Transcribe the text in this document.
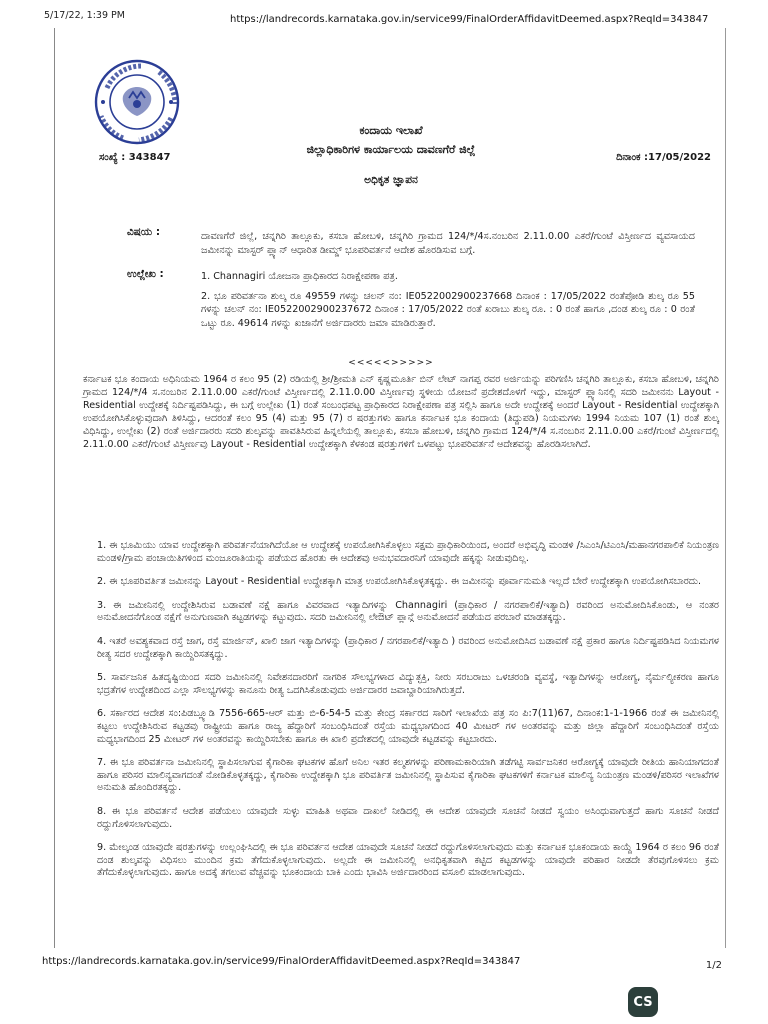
5/17/22, 1:39 PM	https://landrecords.karnataka.gov.in/service99/FinalOrderAffidavitDeemed.aspx?ReqId=343847
ಕಂದಾಯ ಇಲಾಖೆ
ಜಿಲ್ಲಾಧಿಕಾರಿಗಳ ಕಾರ್ಯಾಲಯ ದಾವಣಗೆರೆ ಜಿಲ್ಲೆ
ಸಂಖ್ಯೆ : 343847	ದಿನಾಂಕ :17/05/2022
ಅಧಿಕೃತ ಜ್ಞಾಪನ
ವಿಷಯ :	ದಾವಣಗೆರೆ ಜಿಲ್ಲೆ, ಚನ್ನಗಿರಿ ತಾಲ್ಲೂಕು, ಕಸಬಾ ಹೋಬಳಿ, ಚನ್ನಗಿರಿ ಗ್ರಾಮದ 124/*/4ಸ.ನಂಬರಿನ 2.11.0.00 ಎಕರೆ/ಗುಂಟೆ ವಿಸ್ತೀರ್ಣದ ವ್ಯವಸಾಯದ ಜಮೀನನ್ನು ಮಾಸ್ಟರ್ ಪ್ಲ್ಯಾನ್ ಆಧಾರಿತ ಡೀಮ್ಡ್ ಭೂಪರಿವರ್ತನೆ ಆದೇಶ ಹೊರಡಿಸುವ ಬಗ್ಗೆ.
ಉಲ್ಲೇಖ :	1. Channagiri ಯೋಜನಾ ಪ್ರಾಧಿಕಾರದ ನಿರಾಕ್ಷೇಪಣಾ ಪತ್ರ.
2. ಭೂ ಪರಿವರ್ತನಾ ಶುಲ್ಕ ರೂ 49559 ಗಳನ್ನು ಚಲನ್ ನಂ: IE0522002900237668 ದಿನಾಂಕ : 17/05/2022 ರಂತೆಪೋಡಿ ಶುಲ್ಕ ರೂ 55 ಗಳನ್ನು ಚಲನ್ ನಂ: IE0522002900237672 ದಿನಾಂಕ : 17/05/2022 ರಂತೆ ಖರಾಬು ಶುಲ್ಕ ರೂ. : 0 ರಂತೆ ಹಾಗೂ ,ದಂಡ ಶುಲ್ಕ ರೂ : 0 ರಂತೆ ಒಟ್ಟು ರೂ. 49614 ಗಳನ್ನು ಖಜಾನೆಗೆ ಅರ್ಜಿದಾರರು ಜಮಾ ಮಾಡಿರುತ್ತಾರೆ.
<<<<<>>>>>
ಕರ್ನಾಟಕ ಭೂ ಕಂದಾಯ ಅಧಿನಿಯಮ 1964 ರ ಕಲಂ 95 (2) ರಡಿಯಲ್ಲಿ ಶ್ರೀ/ಶ್ರೀಮತಿ ಎನ್ ಕೃಷ್ಣಮೂರ್ತಿ ಬಿನ್ ಲೇಟ್ ನಾಗಪ್ಪ ರವರ ಅರ್ಜಿಯನ್ನು ಪರಿಗಣಿಸಿ ಚನ್ನಗಿರಿ ತಾಲ್ಲೂಕು, ಕಸಬಾ ಹೋಬಳಿ, ಚನ್ನಗಿರಿ ಗ್ರಾಮದ 124/*/4 ಸ.ನಂಬರಿನ 2.11.0.00 ಎಕರೆ/ಗುಂಟೆ ವಿಸ್ತೀರ್ಣದಲ್ಲಿ 2.11.0.00 ವಿಸ್ತೀರ್ಣವು ಸ್ಥಳೀಯ ಯೋಜನೆ ಪ್ರದೇಶದೊಳಗೆ ಇದ್ದು, ಮಾಸ್ಟರ್ ಪ್ಲ್ಯಾನಿನಲ್ಲಿ ಸದರಿ ಜಮೀನನು Layout - Residential ಉದ್ದೇಶಕ್ಕೆ ನಿರ್ದಿಷ್ಟಪಡಿಸಿದ್ದು, ಈ ಬಗ್ಗೆ ಉಲ್ಲೇಖ (1) ರಂತೆ ಸಂಬಂಧಪಟ್ಟ ಪ್ರಾಧಿಕಾರದ ನಿರಾಕ್ಷೇಪಣಾ ಪತ್ರ ಸಲ್ಲಿಸಿ ಹಾಗೂ ಅದೇ ಉದ್ದೇಶಕ್ಕೆ ಅಂದರೆ Layout - Residential ಉದ್ದೇಶಕ್ಕಾಗಿ ಉಪಯೋಗಿಸಿಕೊಳ್ಳುವುದಾಗಿ ತಿಳಿಸಿದ್ದು, ಆದರಂತೆ ಕಲಂ 95 (4) ಮತ್ತು 95 (7) ರ ಷರತ್ತುಗಳು ಹಾಗೂ ಕರ್ನಾಟಕ ಭೂ ಕಂದಾಯ (ತಿದ್ದುಪಡಿ) ನಿಯಮಗಳು 1994 ನಿಯಮ 107 (1) ರಂತೆ ಶುಲ್ಕ ವಿಧಿಸಿದ್ದು, ಉಲ್ಲೇಖ (2) ರಂತೆ ಅರ್ಜಿದಾರರು ಸದರಿ ಶುಲ್ಕವನ್ನು ಪಾವತಿಸಿರುವ ಹಿನ್ನಲೆಯಲ್ಲಿ ತಾಲ್ಲೂಕು, ಕಸಬಾ ಹೋಬಳಿ, ಚನ್ನಗಿರಿ ಗ್ರಾಮದ 124/*/4 ಸ.ನಂಬರಿನ 2.11.0.00 ಎಕರೆ/ಗುಂಟೆ ವಿಸ್ತೀರ್ಣದಲ್ಲಿ 2.11.0.00 ಎಕರೆ/ಗುಂಟೆ ವಿಸ್ತೀರ್ಣವು Layout - Residential ಉದ್ದೇಶಕ್ಕಾಗಿ ಕೆಳಕಂಡ ಷರತ್ತುಗಳಿಗೆ ಒಳಪಟ್ಟು ಭೂಪರಿವರ್ತನೆ ಆದೇಶವನ್ನು ಹೊರಡಿಸಲಾಗಿದೆ.

1. ಈ ಭೂಮಿಯು ಯಾವ ಉದ್ದೇಶಕ್ಕಾಗಿ ಪರಿವರ್ತನೆಯಾಗಿದೆಯೋ ಆ ಉದ್ದೇಶಕ್ಕೆ ಉಪಯೋಗಿಸಿಕೊಳ್ಳಲು ಸಕ್ಷಮ ಪ್ರಾಧಿಕಾರಿಯಿಂದ, ಅಂದರೆ ಅಭಿವೃದ್ಧಿ ಮಂಡಳಿ /ಸಿಎಂಸಿ/ಟಿಎಂಸಿ/ಮಹಾನಗರಪಾಲಿಕೆ ನಿಯಂತ್ರಣ ಮಂಡಳಿ/ಗ್ರಾಮ ಪಂಚಾಯಿತಿಗಳಿಂದ ಮಂಜೂರಾತಿಯನ್ನು ಪಡೆಯದ ಹೊರತು ಈ ಆದೇಶವು ಅನುಭವದಾರನಿಗೆ ಯಾವುದೇ ಹಕ್ಕನ್ನು ನೀಡುವುದಿಲ್ಲ.

2. ಈ ಭೂಪರಿವರ್ತಿತ ಜಮೀನನ್ನು Layout - Residential ಉದ್ದೇಶಕ್ಕಾಗಿ ಮಾತ್ರ ಉಪಯೋಗಿಸಿಕೊಳ್ಳತಕ್ಕದ್ದು. ಈ ಜಮೀನನ್ನು ಪೂರ್ವಾನುಮತಿ ಇಲ್ಲದೆ ಬೇರೆ ಉದ್ದೇಶಕ್ಕಾಗಿ ಉಪಯೋಗಿಸಬಾರದು.

3. ಈ ಜಮೀನಿನಲ್ಲಿ ಉದ್ದೇಶಿಸಿರುವ ಬಡಾವಣೆ ನಕ್ಷೆ ಹಾಗೂ ವಿವರವಾದ ಇತ್ಯಾದಿಗಳನ್ನು Channagiri (ಪ್ರಾಧಿಕಾರ / ನಗರಪಾಲಿಕೆ/ಇತ್ಯಾದಿ) ರವರಿಂದ ಅನುಮೋದಿಸಿಕೊಂಡು, ಆ ನಂತರ ಅನುಮೋದನೆಗೊಂಡ ನಕ್ಷೆಗೆ ಅನುಗುಣವಾಗಿ ಕಟ್ಟಡಗಳನ್ನು ಕಟ್ಟುವುದು. ಸದರಿ ಜಮೀನಿನಲ್ಲಿ ಲೇಔಟ್ ಪ್ಲಾನ್ಗೆ ಅನುಮೋದನೆ ಪಡೆಯದ ಪರಬಾರೆ ಮಾಡತಕ್ಕದ್ದು.

4. ಇತರೆ ಅವಶ್ಯಕವಾದ ರಸ್ತೆ ಜಾಗ, ರಸ್ತೆ ಮಾರ್ಜಿನ್, ಖಾಲಿ ಜಾಗ ಇತ್ಯಾದಿಗಳನ್ನು (ಪ್ರಾಧಿಕಾರ / ನಗರಪಾಲಿಕೆ/ಇತ್ಯಾದಿ ) ರವರಿಂದ ಅನುಮೋದಿಸಿದ ಬಡಾವಣೆ ನಕ್ಷೆ ಪ್ರಕಾರ ಹಾಗೂ ನಿರ್ದಿಷ್ಟಪಡಿಸಿದ ನಿಯಮಗಳ ರೀತ್ಯ ಸದರ ಉದ್ದೇಶಕ್ಕಾಗಿ ಕಾಯ್ದಿರಿಸತಕ್ಕದ್ದು.

5. ಸಾರ್ವಜನಿಕ ಹಿತದೃಷ್ಟಿಯಿಂದ ಸದರಿ ಜಮೀನಿನಲ್ಲಿ ನಿವೇಶನದಾರರಿಗೆ ನಾಗರಿಕ ಸೌಲಭ್ಯಗಳಾದ ವಿದ್ಯುತ್ಛಕ್ತಿ, ನೀರು ಸರಬರಾಜು ಒಳಚರಂಡಿ ವ್ಯವಸ್ಥೆ, ಇತ್ಯಾದಿಗಳನ್ನು ಆರೋಗ್ಯ, ನೈರ್ಮಲ್ಯೀಕರಣ ಹಾಗೂ ಭದ್ರತೆಗಳ ಉದ್ದೇಶದಿಂದ ಎಲ್ಲಾ ಸೌಲಭ್ಯಗಳನ್ನು ಕಾನೂನು ರೀತ್ಯ ಒದಗಿಸಿಕೊಡುವುದು ಅರ್ಜಿದಾರರ ಜವಾಬ್ದಾರಿಯಾಗಿರುತ್ತದೆ.

6. ಸರ್ಕಾರದ ಆದೇಶ ಸಂ:ಪಿಡಬ್ಲ್ಯೂಡಿ 7556-665-ಆರ್ ಮತ್ತು ಬಿ-6-54-5 ಮತ್ತು ಕೇಂದ್ರ ಸರ್ಕಾರದ ಸಾರಿಗೆ ಇಲಾಖೆಯ ಪತ್ರ ಸಂ ಪಿ:7(11)67, ದಿನಾಂಕ:1-1-1966 ರಂತೆ ಈ ಜಮೀನಿನಲ್ಲಿ ಕಟ್ಟಲು ಉದ್ದೇಶಿಸಿರುವ ಕಟ್ಟಡವು ರಾಷ್ಟ್ರೀಯ ಹಾಗೂ ರಾಜ್ಯ ಹೆದ್ದಾರಿಗೆ ಸಂಬಂಧಿಸಿದಂತೆ ರಸ್ತೆಯ ಮಧ್ಯಭಾಗದಿಂದ 40 ಮೀಟರ್ ಗಳ ಅಂತರವನ್ನು ಮತ್ತು ಜಿಲ್ಲಾ ಹೆದ್ದಾರಿಗೆ ಸಂಬಂಧಿಸಿದಂತೆ ರಸ್ತೆಯ ಮಧ್ಯಭಾಗದಿಂದ 25 ಮೀಟರ್ ಗಳ ಅಂತರವನ್ನು ಕಾಯ್ದಿರಿಸಬೇಕು ಹಾಗೂ ಈ ಖಾಲಿ ಪ್ರದೇಶದಲ್ಲಿ ಯಾವುದೇ ಕಟ್ಟಡವನ್ನು ಕಟ್ಟಬಾರದು.

7. ಈ ಭೂ ಪರಿವರ್ತನಾ ಜಮೀನಿನಲ್ಲಿ ಸ್ಥಾಪಿಸಲಾಗುವ ಕೈಗಾರಿಕಾ ಘಟಕಗಳ ಹೊಗೆ ಅನಿಲ ಇತರ ಕಲ್ಮಶಗಳನ್ನು ಪರಿಣಾಮಕಾರಿಯಾಗಿ ತಡೆಗಟ್ಟಿ ಸಾರ್ವಜನಿಕರ ಆರೋಗ್ಯಕ್ಕೆ ಯಾವುದೇ ರೀತಿಯ ಹಾನಿಯಾಗದಂತೆ ಹಾಗೂ ಪರಿಸರ ಮಾಲಿನ್ಯವಾಗದಂತೆ ನೋಡಿಕೊಳ್ಳತಕ್ಕದ್ದು, ಕೈಗಾರಿಕಾ ಉದ್ದೇಶಕ್ಕಾಗಿ ಭೂ ಪರಿವರ್ತಿತ ಜಮೀನಿನಲ್ಲಿ ಸ್ಥಾಪಿಸುವ ಕೈಗಾರಿಕಾ ಘಟಕಗಳಿಗೆ ಕರ್ನಾಟಕ ಮಾಲಿನ್ಯ ನಿಯಂತ್ರಣ ಮಂಡಳಿ/ಪರಿಸರ ಇಲಾಖೆಗಳ ಅನುಮತಿ ಹೊಂದಿರತಕ್ಕದ್ದು.

8. ಈ ಭೂ ಪರಿವರ್ತನೆ ಆದೇಶ ಪಡೆಯಲು ಯಾವುದೇ ಸುಳ್ಳು ಮಾಹಿತಿ ಅಥವಾ ದಾಖಲೆ ನೀಡಿದಲ್ಲಿ ಈ ಆದೇಶ ಯಾವುದೇ ಸೂಚನೆ ನೀಡದೆ ಸ್ವಯಂ ಅಸಿಂಧುವಾಗುತ್ತದೆ ಹಾಗು ಸೂಚನೆ ನೀಡದೆ ರದ್ದುಗೊಳಿಸಲಾಗುವುದು.

9. ಮೇಲ್ಕಂಡ ಯಾವುದೇ ಷರತ್ತುಗಳನ್ನು ಉಲ್ಲಂಘಿಸಿದಲ್ಲಿ ಈ ಭೂ ಪರಿವರ್ತನ ಆದೇಶ ಯಾವುದೇ ಸೂಚನೆ ನೀಡದೆ ರದ್ದುಗೊಳಿಸಲಾಗುವುದು ಮತ್ತು ಕರ್ನಾಟಕ ಭೂಕಂದಾಯ ಕಾಯ್ದೆ 1964 ರ ಕಲಂ 96 ರಂತೆ ದಂಡ ಶುಲ್ಕವನ್ನು ವಿಧಿಸಲು ಮುಂದಿನ ಕ್ರಮ ತೆಗೆದುಕೊಳ್ಳಲಾಗುವುದು. ಅಲ್ಲದೇ ಈ ಜಮೀನಿನಲ್ಲಿ ಅನಧಿಕೃತವಾಗಿ ಕಟ್ಟಿದ ಕಟ್ಟಡಗಳನ್ನು ಯಾವುದೇ ಪರಿಹಾರ ನೀಡದೇ ತೆರವುಗೊಳಿಸಲು ಕ್ರಮ ತೆಗೆದುಕೊಳ್ಳಲಾಗುವುದು. ಹಾಗೂ ಅದಕ್ಕೆ ತಗಲುವ ವೆಚ್ಚವನ್ನು ಭೂಕಂದಾಯ ಬಾಕಿ ಎಂದು ಭಾವಿಸಿ ಅರ್ಜಿದಾರರಿಂದ ವಸೂಲಿ ಮಾಡಲಾಗುವುದು.

https://landrecords.karnataka.gov.in/service99/FinalOrderAffidavitDeemed.aspx?ReqId=343847	1/2
CS
